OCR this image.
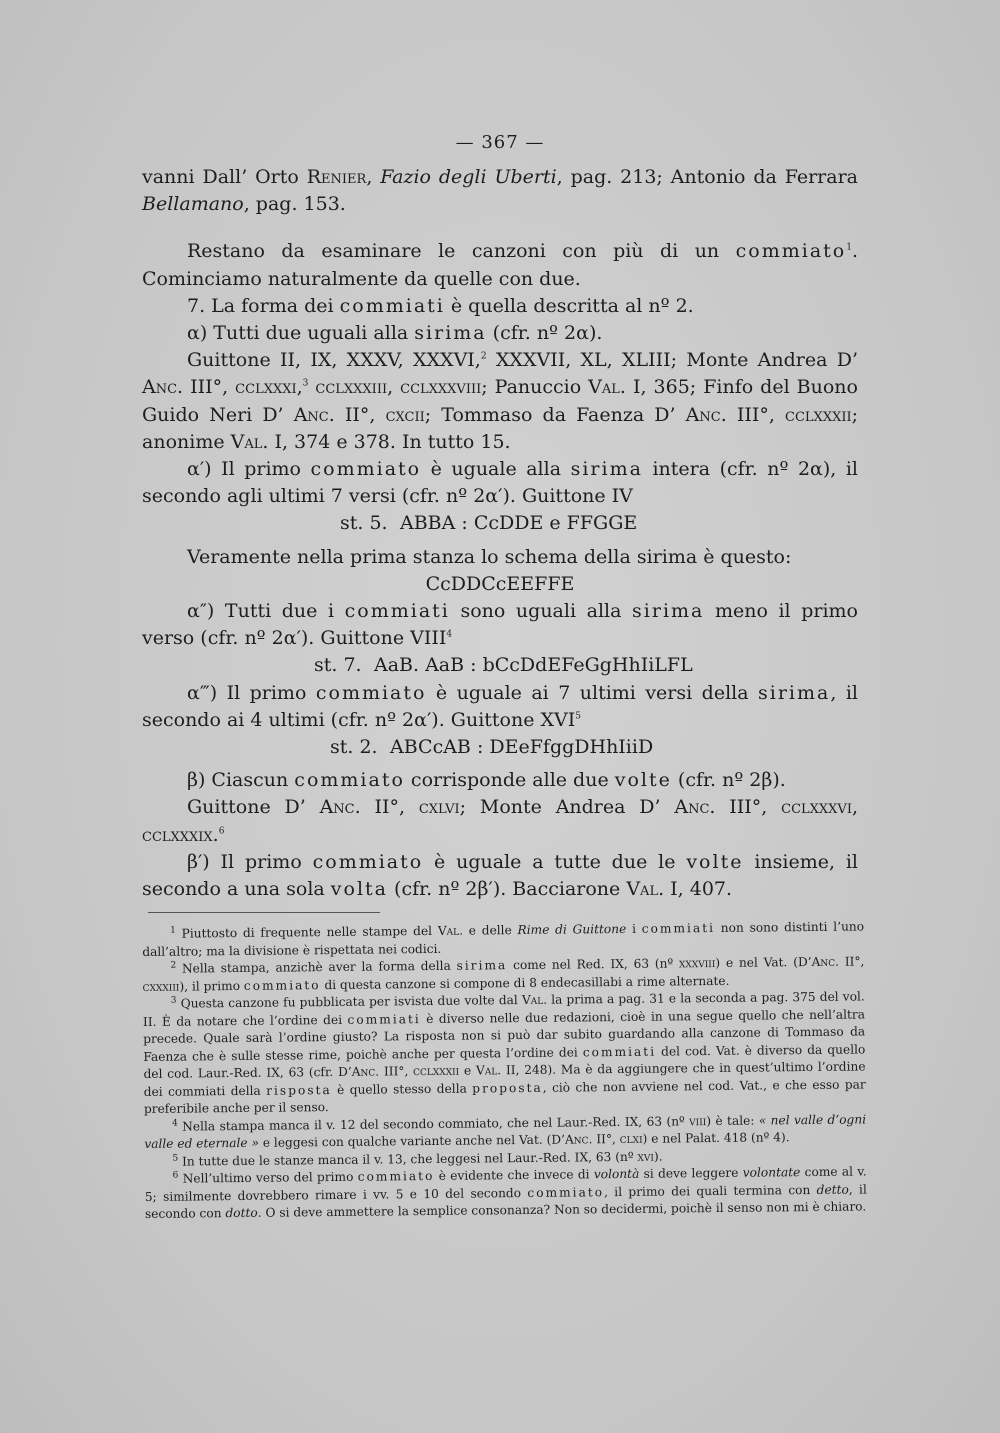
— 367 —

vanni Dall’ Orto Renier, Fazio degli Uberti, pag. 213; Antonio da Ferrara Bellamano, pag. 153.

Restano da esaminare le canzoni con più di un commiato$^1$. Cominciamo naturalmente da quelle con due.

7. La forma dei commiati è quella descritta al nº 2.

α) Tutti due uguali alla sirima (cfr. nº 2α).

Guittone II, IX, XXXV, XXXVI,$^2$ XXXVII, XL, XLIII; Monte Andrea D’ Anc. III°, cclxxxi,$^3$ cclxxxiii, cclxxxviii; Panuccio Val. I, 365; Finfo del Buono Guido Neri D’ Anc. II°, cxcii; Tommaso da Faenza D’ Anc. III°, cclxxxii; anonime Val. I, 374 e 378. In tutto 15.

α′) Il primo commiato è uguale alla sirima intera (cfr. nº 2α), il secondo agli ultimi 7 versi (cfr. nº 2α′). Guittone IV

st. 5. ABBA : CcDDE e FFGGE

Veramente nella prima stanza lo schema della sirima è questo:

CcDDCcEEFFE

α″) Tutti due i commiati sono uguali alla sirima meno il primo verso (cfr. nº 2α′). Guittone VIII$^4$

st. 7. AaB. AaB : bCcDdEFeGgHhIiLFL

α‴) Il primo commiato è uguale ai 7 ultimi versi della sirima, il secondo ai 4 ultimi (cfr. nº 2α′). Guittone XVI$^5$

st. 2. ABCcAB : DEeFfggDHhIiiD

β) Ciascun commiato corrisponde alle due volte (cfr. nº 2β).

Guittone D’ Anc. II°, cxlvi; Monte Andrea D’ Anc. III°, cclxxxvi, cclxxxix.$^6$

β′) Il primo commiato è uguale a tutte due le volte insieme, il secondo a una sola volta (cfr. nº 2β′). Bacciarone Val. I, 407.

$^1$ Piuttosto di frequente nelle stampe del Val. e delle Rime di Guittone i commiati non sono distinti l’uno dall’altro; ma la divisione è rispettata nei codici.

$^2$ Nella stampa, anzichè aver la forma della sirima come nel Red. IX, 63 (nº xxxviii) e nel Vat. (D’Anc. II°, cxxxiii), il primo commiato di questa canzone si compone di 8 endecasillabi a rime alternate.

$^3$ Questa canzone fu pubblicata per isvista due volte dal Val. la prima a pag. 31 e la seconda a pag. 375 del vol. II. È da notare che l’ordine dei commiati è diverso nelle due redazioni, cioè in una segue quello che nell’altra precede. Quale sarà l’ordine giusto? La risposta non si può dar subito guardando alla canzone di Tommaso da Faenza che è sulle stesse rime, poichè anche per questa l’ordine dei commiati del cod. Vat. è diverso da quello del cod. Laur.-Red. IX, 63 (cfr. D’Anc. III°, cclxxxii e Val. II, 248). Ma è da aggiungere che in quest’ultimo l’ordine dei commiati della risposta è quello stesso della proposta, ciò che non avviene nel cod. Vat., e che esso par preferibile anche per il senso.

$^4$ Nella stampa manca il v. 12 del secondo commiato, che nel Laur.-Red. IX, 63 (nº viii) è tale: « nel valle d’ogni valle ed eternale » e leggesi con qualche variante anche nel Vat. (D’Anc. II°, clxi) e nel Palat. 418 (nº 4).

$^5$ In tutte due le stanze manca il v. 13, che leggesi nel Laur.-Red. IX, 63 (nº xvi).

$^6$ Nell’ultimo verso del primo commiato è evidente che invece di volontà si deve leggere volontate come al v. 5; similmente dovrebbero rimare i vv. 5 e 10 del secondo commiato, il primo dei quali termina con detto, il secondo con dotto. O si deve ammettere la semplice consonanza? Non so decidermi, poichè il senso non mi è chiaro.
